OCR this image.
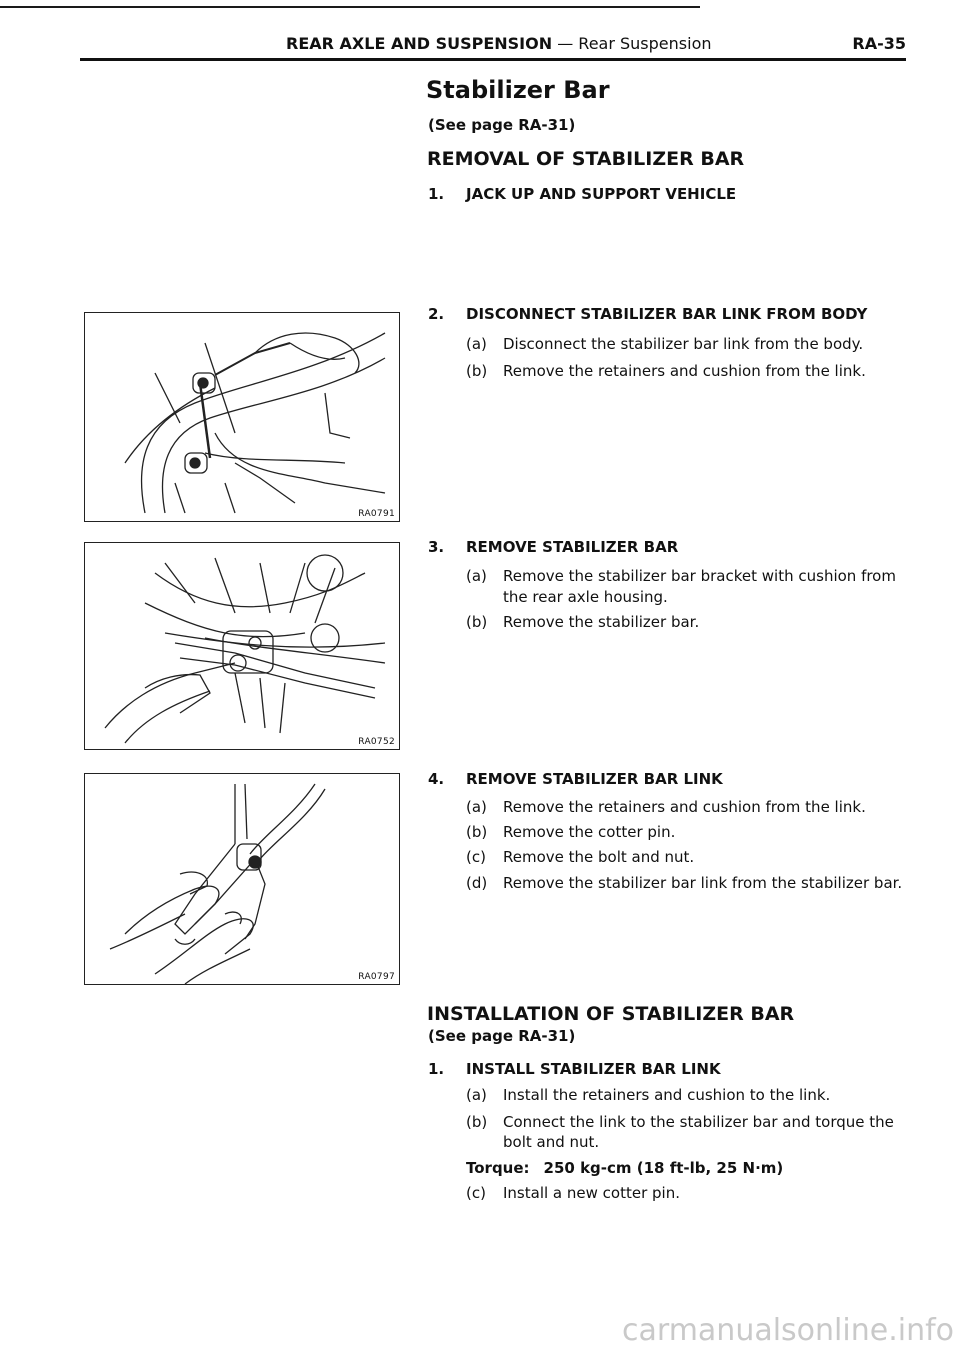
REAR AXLE AND SUSPENSION — Rear Suspension	RA-35
Stabilizer Bar
(See page RA-31)
REMOVAL OF STABILIZER BAR
1. JACK UP AND SUPPORT VEHICLE
2. DISCONNECT STABILIZER BAR LINK FROM BODY
(a) Disconnect the stabilizer bar link from the body.
(b) Remove the retainers and cushion from the link.
3. REMOVE STABILIZER BAR
(a) Remove the stabilizer bar bracket with cushion from
the rear axle housing.
(b) Remove the stabilizer bar.
4. REMOVE STABILIZER BAR LINK
(a) Remove the retainers and cushion from the link.
(b) Remove the cotter pin.
(c) Remove the bolt and nut.
(d) Remove the stabilizer bar link from the stabilizer bar.
INSTALLATION OF STABILIZER BAR
(See page RA-31)
1. INSTALL STABILIZER BAR LINK
(a) Install the retainers and cushion to the link.
(b) Connect the link to the stabilizer bar and torque the
bolt and nut.
Torque: 250 kg-cm (18 ft-lb, 25 N·m)
(c) Install a new cotter pin.
RA0791
RA0752
RA0797
carmanualsonline.info
